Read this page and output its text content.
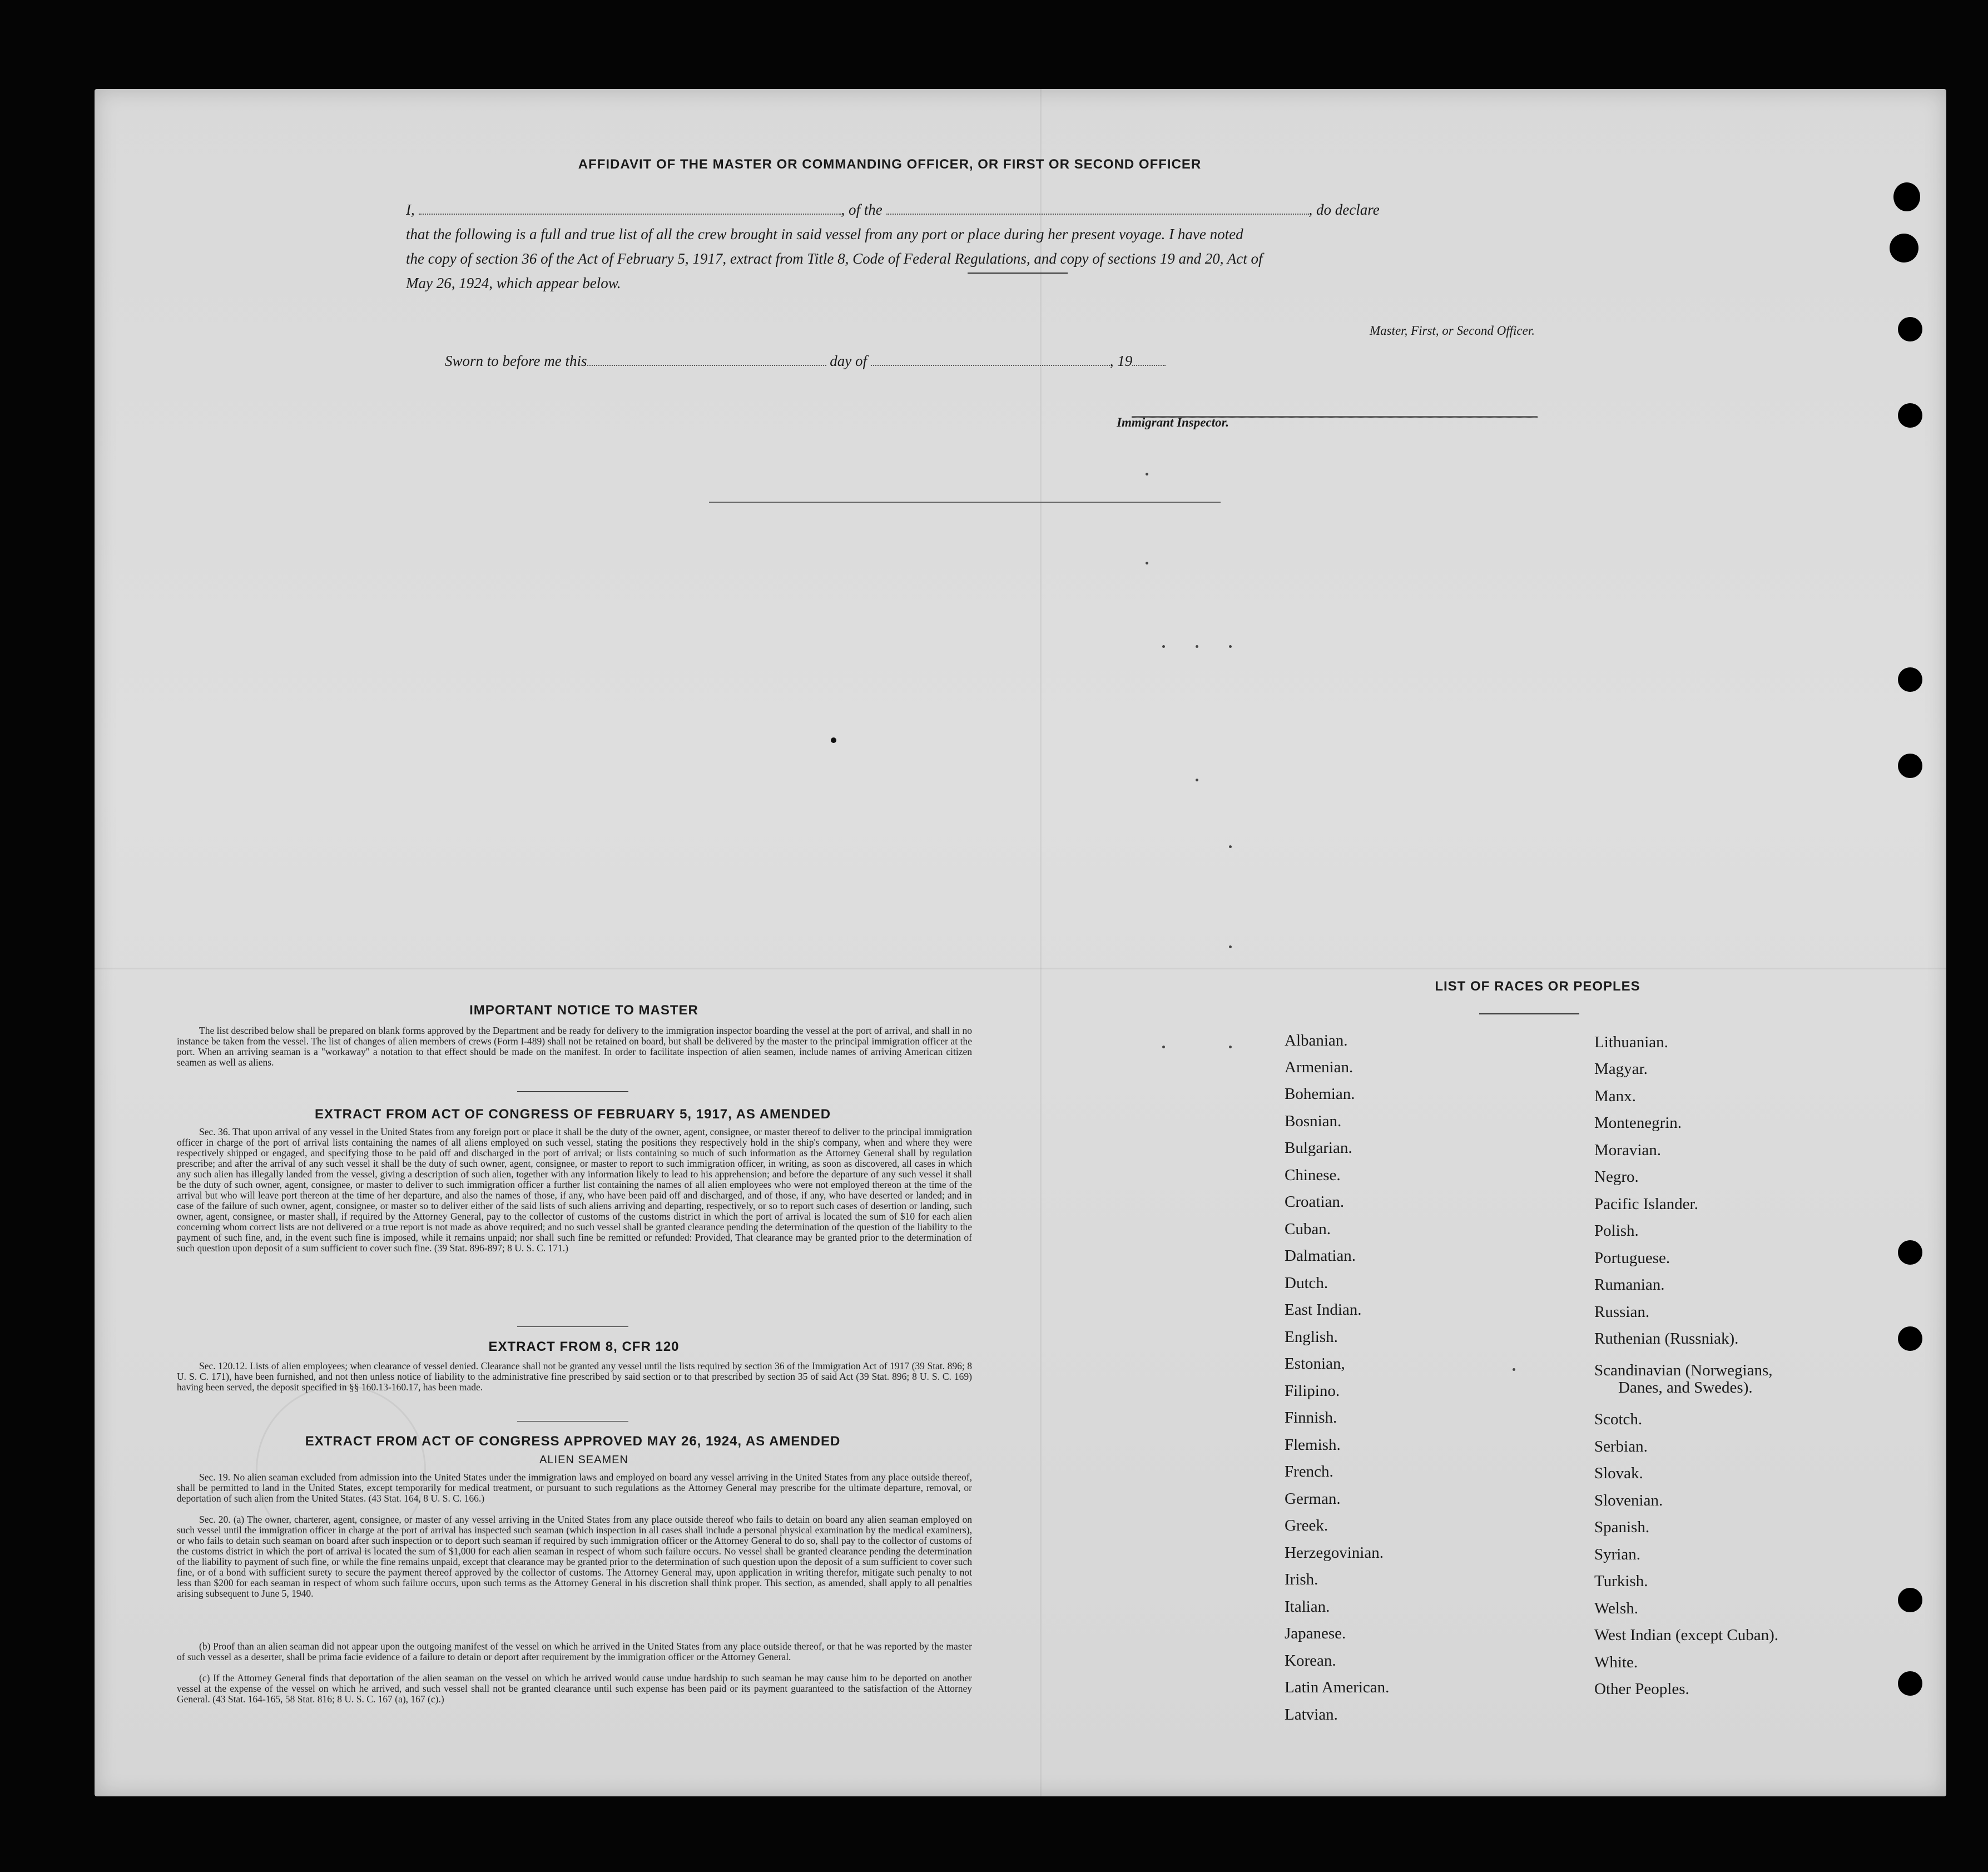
AFFIDAVIT OF THE MASTER OR COMMANDING OFFICER, OR FIRST OR SECOND OFFICER
I,	, of the	, do declare
that the following is a full and true list of all the crew brought in said vessel from any port or place during her present voyage. I have noted
the copy of section 36 of the Act of February 5, 1917, extract from Title 8, Code of Federal Regulations, and copy of sections 19 and 20, Act of
May 26, 1924, which appear below.
Master, First, or Second Officer.
Sworn to before me this	day of	, 19
Immigrant Inspector.
IMPORTANT NOTICE TO MASTER
The list described below shall be prepared on blank forms approved by the Department and be ready for delivery to the immigration inspector boarding the vessel at the port of arrival, and shall in no instance be taken from the vessel. The list of changes of alien members of crews (Form I-489) shall not be retained on board, but shall be delivered by the master to the principal immigration officer at the port. When an arriving seaman is a "workaway" a notation to that effect should be made on the manifest. In order to facilitate inspection of alien seamen, include names of arriving American citizen seamen as well as aliens.
EXTRACT FROM ACT OF CONGRESS OF FEBRUARY 5, 1917, AS AMENDED
Sec. 36. That upon arrival of any vessel in the United States from any foreign port or place it shall be the duty of the owner, agent, consignee, or master thereof to deliver to the principal immigration officer in charge of the port of arrival lists containing the names of all aliens employed on such vessel, stating the positions they respectively hold in the ship's company, when and where they were respectively shipped or engaged, and specifying those to be paid off and discharged in the port of arrival; or lists containing so much of such information as the Attorney General shall by regulation prescribe; and after the arrival of any such vessel it shall be the duty of such owner, agent, consignee, or master to report to such immigration officer, in writing, as soon as discovered, all cases in which any such alien has illegally landed from the vessel, giving a description of such alien, together with any information likely to lead to his apprehension; and before the departure of any such vessel it shall be the duty of such owner, agent, consignee, or master to deliver to such immigration officer a further list containing the names of all alien employees who were not employed thereon at the time of the arrival but who will leave port thereon at the time of her departure, and also the names of those, if any, who have been paid off and discharged, and of those, if any, who have deserted or landed; and in case of the failure of such owner, agent, consignee, or master so to deliver either of the said lists of such aliens arriving and departing, respectively, or so to report such cases of desertion or landing, such owner, agent, consignee, or master shall, if required by the Attorney General, pay to the collector of customs of the customs district in which the port of arrival is located the sum of $10 for each alien concerning whom correct lists are not delivered or a true report is not made as above required; and no such vessel shall be granted clearance pending the determination of the question of the liability to the payment of such fine, and, in the event such fine is imposed, while it remains unpaid; nor shall such fine be remitted or refunded: Provided, That clearance may be granted prior to the determination of such question upon deposit of a sum sufficient to cover such fine. (39 Stat. 896-897; 8 U. S. C. 171.)
EXTRACT FROM 8, CFR 120
Sec. 120.12. Lists of alien employees; when clearance of vessel denied. Clearance shall not be granted any vessel until the lists required by section 36 of the Immigration Act of 1917 (39 Stat. 896; 8 U. S. C. 171), have been furnished, and not then unless notice of liability to the administrative fine prescribed by said section or to that prescribed by section 35 of said Act (39 Stat. 896; 8 U. S. C. 169) having been served, the deposit specified in §§ 160.13-160.17, has been made.
EXTRACT FROM ACT OF CONGRESS APPROVED MAY 26, 1924, AS AMENDED
ALIEN SEAMEN
Sec. 19. No alien seaman excluded from admission into the United States under the immigration laws and employed on board any vessel arriving in the United States from any place outside thereof, shall be permitted to land in the United States, except temporarily for medical treatment, or pursuant to such regulations as the Attorney General may prescribe for the ultimate departure, removal, or deportation of such alien from the United States. (43 Stat. 164, 8 U. S. C. 166.)
Sec. 20. (a) The owner, charterer, agent, consignee, or master of any vessel arriving in the United States from any place outside thereof who fails to detain on board any alien seaman employed on such vessel until the immigration officer in charge at the port of arrival has inspected such seaman (which inspection in all cases shall include a personal physical examination by the medical examiners), or who fails to detain such seaman on board after such inspection or to deport such seaman if required by such immigration officer or the Attorney General to do so, shall pay to the collector of customs of the customs district in which the port of arrival is located the sum of $1,000 for each alien seaman in respect of whom such failure occurs. No vessel shall be granted clearance pending the determination of the liability to payment of such fine, or while the fine remains unpaid, except that clearance may be granted prior to the determination of such question upon the deposit of a sum sufficient to cover such fine, or of a bond with sufficient surety to secure the payment thereof approved by the collector of customs. The Attorney General may, upon application in writing therefor, mitigate such penalty to not less than $200 for each seaman in respect of whom such failure occurs, upon such terms as the Attorney General in his discretion shall think proper. This section, as amended, shall apply to all penalties arising subsequent to June 5, 1940.
(b) Proof than an alien seaman did not appear upon the outgoing manifest of the vessel on which he arrived in the United States from any place outside thereof, or that he was reported by the master of such vessel as a deserter, shall be prima facie evidence of a failure to detain or deport after requirement by the immigration officer or the Attorney General.
(c) If the Attorney General finds that deportation of the alien seaman on the vessel on which he arrived would cause undue hardship to such seaman he may cause him to be deported on another vessel at the expense of the vessel on which he arrived, and such vessel shall not be granted clearance until such expense has been paid or its payment guaranteed to the satisfaction of the Attorney General. (43 Stat. 164-165, 58 Stat. 816; 8 U. S. C. 167 (a), 167 (c).)
LIST OF RACES OR PEOPLES
Albanian.
Armenian.
Bohemian.
Bosnian.
Bulgarian.
Chinese.
Croatian.
Cuban.
Dalmatian.
Dutch.
East Indian.
English.
Estonian,
Filipino.
Finnish.
Flemish.
French.
German.
Greek.
Herzegovinian.
Irish.
Italian.
Japanese.
Korean.
Latin American.
Latvian.
Lithuanian.
Magyar.
Manx.
Montenegrin.
Moravian.
Negro.
Pacific Islander.
Polish.
Portuguese.
Rumanian.
Russian.
Ruthenian (Russniak).
Scandinavian (Norwegians,
Danes, and Swedes).
Scotch.
Serbian.
Slovak.
Slovenian.
Spanish.
Syrian.
Turkish.
Welsh.
West Indian (except Cuban).
White.
Other Peoples.
